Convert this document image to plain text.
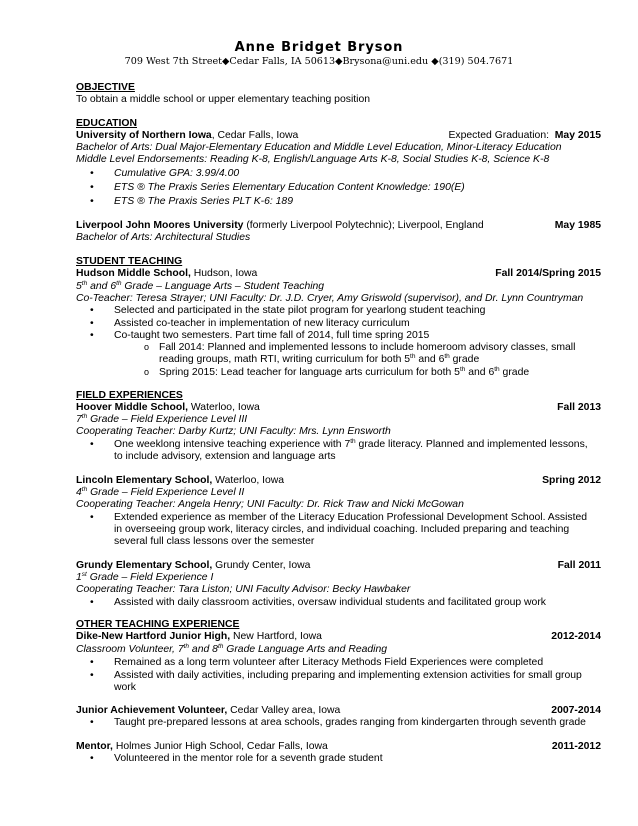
Anne Bridget Bryson
709 West 7th Street◆Cedar Falls, IA 50613◆Brysona@uni.edu ◆(319) 504.7671
OBJECTIVE
To obtain a middle school or upper elementary teaching position
EDUCATION
University of Northern Iowa, Cedar Falls, Iowa	Expected Graduation: May 2015
Bachelor of Arts: Dual Major-Elementary Education and Middle Level Education, Minor-Literacy Education
Middle Level Endorsements: Reading K-8, English/Language Arts K-8, Social Studies K-8, Science K-8
• Cumulative GPA: 3.99/4.00
• ETS ® The Praxis Series Elementary Education Content Knowledge: 190(E)
• ETS ® The Praxis Series PLT K-6: 189
Liverpool John Moores University (formerly Liverpool Polytechnic); Liverpool, England	May 1985
Bachelor of Arts: Architectural Studies
STUDENT TEACHING
Hudson Middle School, Hudson, Iowa	Fall 2014/Spring 2015
5th and 6th Grade – Language Arts – Student Teaching
Co-Teacher: Teresa Strayer; UNI Faculty: Dr. J.D. Cryer, Amy Griswold (supervisor), and Dr. Lynn Countryman
• Selected and participated in the state pilot program for yearlong student teaching
• Assisted co-teacher in implementation of new literacy curriculum
• Co-taught two semesters. Part time fall of 2014, full time spring 2015
o Fall 2014: Planned and implemented lessons to include homeroom advisory classes, small
reading groups, math RTI, writing curriculum for both 5th and 6th grade
o Spring 2015: Lead teacher for language arts curriculum for both 5th and 6th grade
FIELD EXPERIENCES
Hoover Middle School, Waterloo, Iowa	Fall 2013
7th Grade – Field Experience Level III
Cooperating Teacher: Darby Kurtz; UNI Faculty: Mrs. Lynn Ensworth
• One weeklong intensive teaching experience with 7th grade literacy. Planned and implemented lessons,
to include advisory, extension and language arts
Lincoln Elementary School, Waterloo, Iowa	Spring 2012
4th Grade – Field Experience Level II
Cooperating Teacher: Angela Henry; UNI Faculty: Dr. Rick Traw and Nicki McGowan
• Extended experience as member of the Literacy Education Professional Development School. Assisted
in overseeing group work, literacy circles, and individual coaching. Included preparing and teaching
several full class lessons over the semester
Grundy Elementary School, Grundy Center, Iowa	Fall 2011
1st Grade – Field Experience I
Cooperating Teacher: Tara Liston; UNI Faculty Advisor: Becky Hawbaker
• Assisted with daily classroom activities, oversaw individual students and facilitated group work
OTHER TEACHING EXPERIENCE
Dike-New Hartford Junior High, New Hartford, Iowa	2012-2014
Classroom Volunteer, 7th and 8th Grade Language Arts and Reading
• Remained as a long term volunteer after Literacy Methods Field Experiences were completed
• Assisted with daily activities, including preparing and implementing extension activities for small group
work
Junior Achievement Volunteer, Cedar Valley area, Iowa	2007-2014
• Taught pre-prepared lessons at area schools, grades ranging from kindergarten through seventh grade
Mentor, Holmes Junior High School, Cedar Falls, Iowa	2011-2012
• Volunteered in the mentor role for a seventh grade student
